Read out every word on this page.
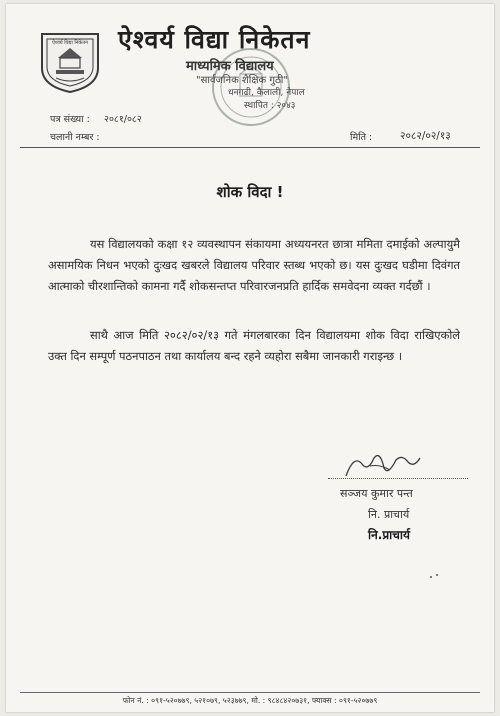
ऐश्वर्य विद्या निकेतन ऐश्वर्य विद्या निकेतन
माध्यमिक विद्यालय
"सार्वजनिक शैक्षिक गुठी"
धनगढी, कैलाली, नेपाल
स्थापित : २०४३
पत्र संख्या : २०८१/०८२
चलानी नम्बर :	मिति :	२०८२/०२/१३
शोक विदा !

यस विद्यालयको कक्षा १२ व्यवस्थापन संकायमा अध्ययनरत छात्रा ममिता दमाईको अल्पायुमै असामयिक निधन भएको दुःखद खबरले विद्यालय परिवार स्तब्ध भएको छ। यस दुःखद घडीमा दिवंगत आत्माको चीरशान्तिको कामना गर्दै शोकसन्तप्त परिवारजनप्रति हार्दिक समवेदना व्यक्त गर्दछौं ।

साथै आज मिति २०८२/०२/१३ गते मंगलबारका दिन विद्यालयमा शोक विदा राखिएकोले उक्त दिन सम्पूर्ण पठनपाठन तथा कार्यालय बन्द रहने व्यहोरा सबैमा जानकारी गराइन्छ ।

सञ्जय कुमार पन्त
नि. प्राचार्य
नि.प्राचार्य
फोन नं. : ०९१-५२०७७९, ५२१०७९, ५२३७७९, मो. : ९८४८४२०७३१, फ्याक्स : ०९१-५२०७७९
